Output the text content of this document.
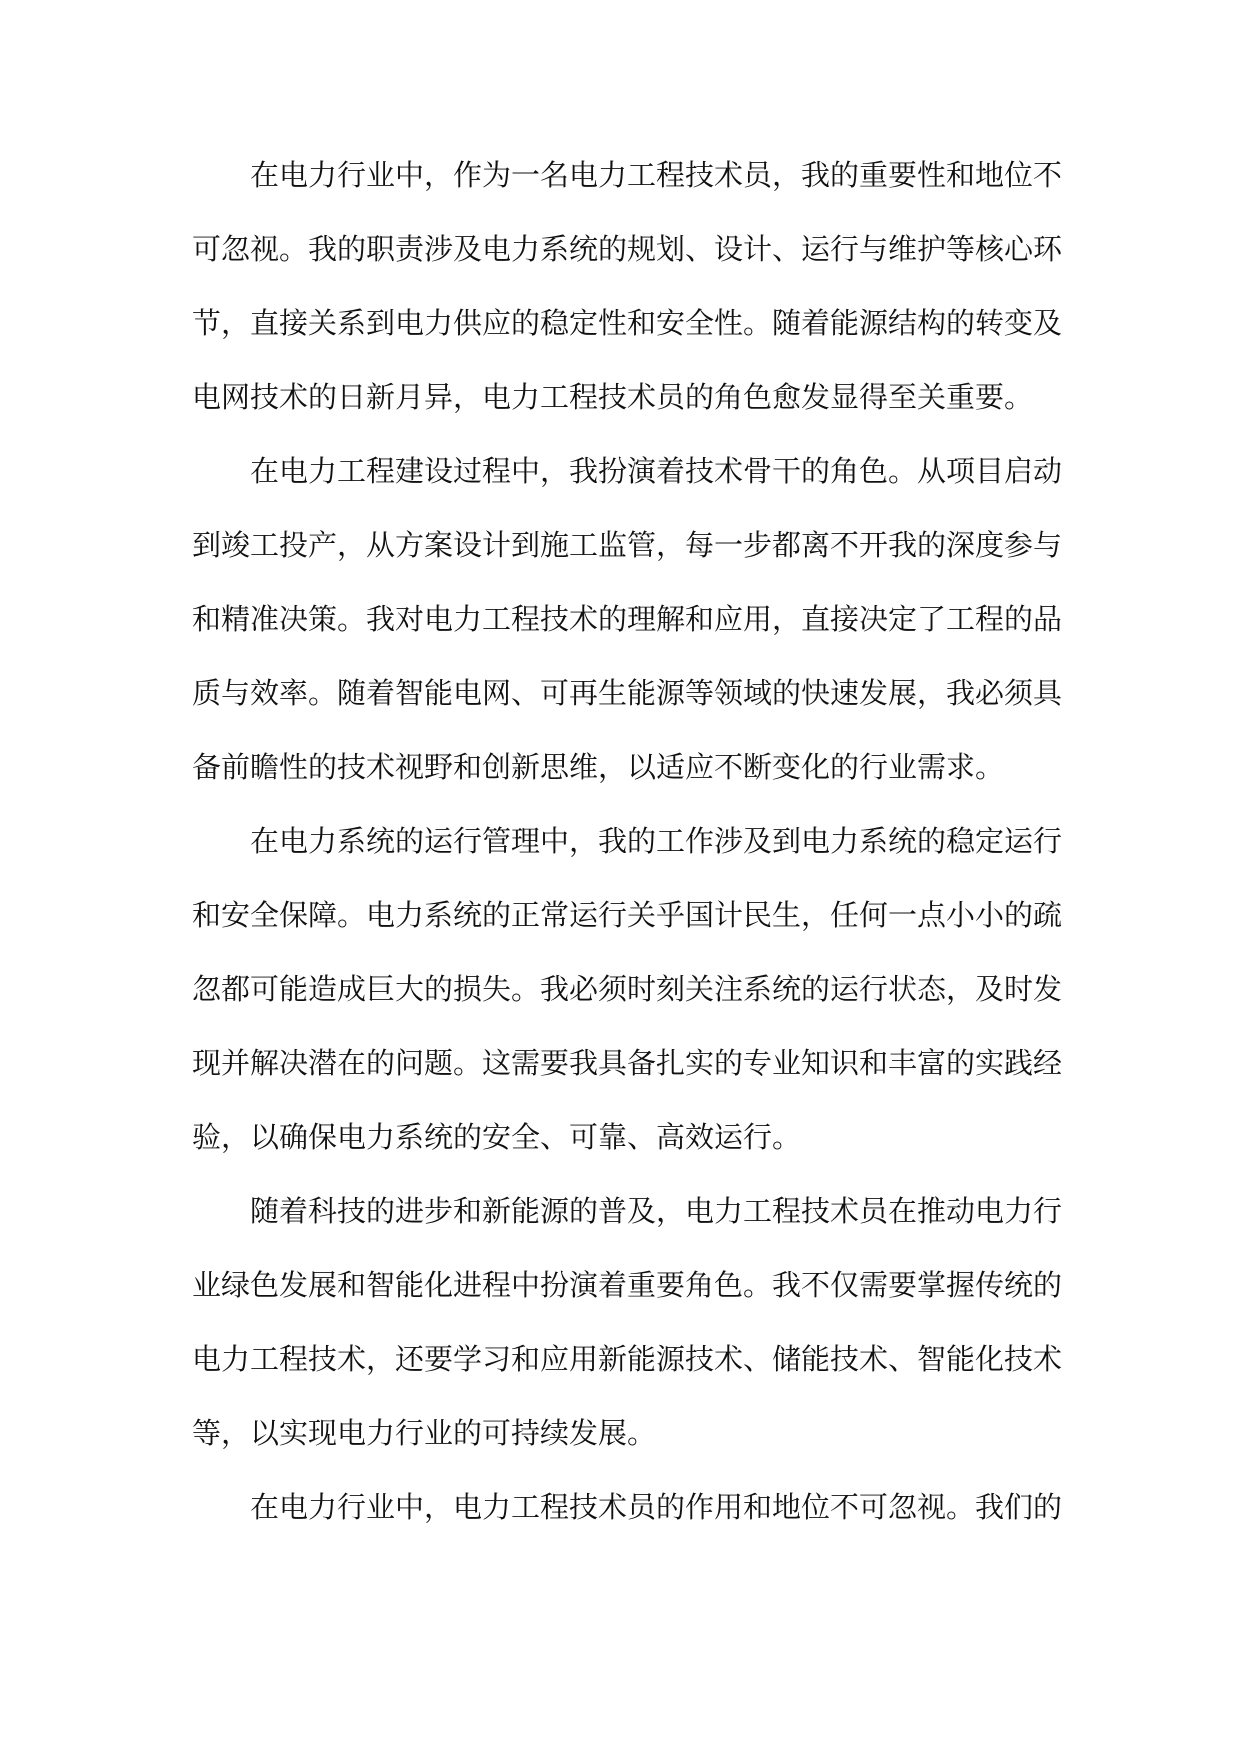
在电力行业中，作为一名电力工程技术员，我的重要性和地位不
可忽视。我的职责涉及电力系统的规划、设计、运行与维护等核心环
节，直接关系到电力供应的稳定性和安全性。随着能源结构的转变及
电网技术的日新月异，电力工程技术员的角色愈发显得至关重要。
在电力工程建设过程中，我扮演着技术骨干的角色。从项目启动
到竣工投产，从方案设计到施工监管，每一步都离不开我的深度参与
和精准决策。我对电力工程技术的理解和应用，直接决定了工程的品
质与效率。随着智能电网、可再生能源等领域的快速发展，我必须具
备前瞻性的技术视野和创新思维，以适应不断变化的行业需求。
在电力系统的运行管理中，我的工作涉及到电力系统的稳定运行
和安全保障。电力系统的正常运行关乎国计民生，任何一点小小的疏
忽都可能造成巨大的损失。我必须时刻关注系统的运行状态，及时发
现并解决潜在的问题。这需要我具备扎实的专业知识和丰富的实践经
验，以确保电力系统的安全、可靠、高效运行。
随着科技的进步和新能源的普及，电力工程技术员在推动电力行
业绿色发展和智能化进程中扮演着重要角色。我不仅需要掌握传统的
电力工程技术，还要学习和应用新能源技术、储能技术、智能化技术
等，以实现电力行业的可持续发展。
在电力行业中，电力工程技术员的作用和地位不可忽视。我们的
